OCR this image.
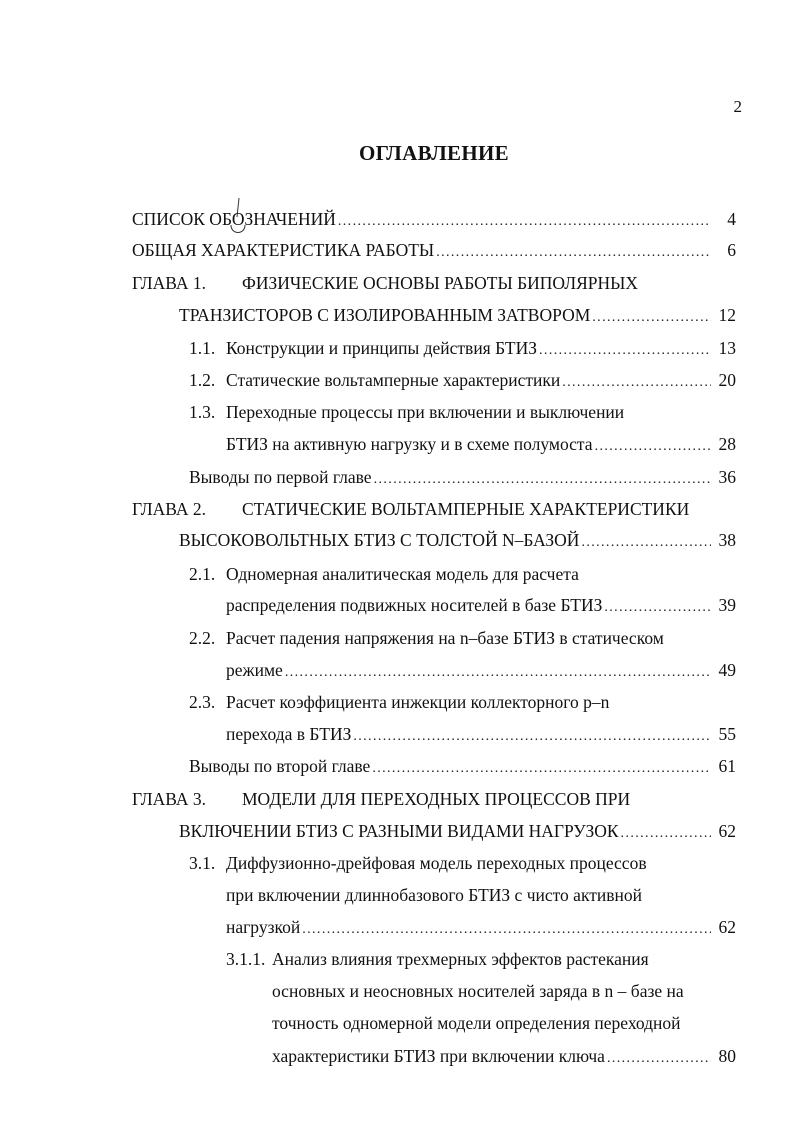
2
ОГЛАВЛЕНИЕ
СПИСОК ОБОЗНАЧЕНИЙ .....	4
ОБЩАЯ ХАРАКТЕРИСТИКА РАБОТЫ .....	6
ГЛАВА 1.	ФИЗИЧЕСКИЕ ОСНОВЫ РАБОТЫ БИПОЛЯРНЫХ
ТРАНЗИСТОРОВ С ИЗОЛИРОВАННЫМ ЗАТВОРОМ .....	12
1.1. Конструкции и принципы действия БТИЗ .....	13
1.2. Статические вольтамперные характеристики .....	20
1.3. Переходные процессы при включении и выключении
БТИЗ на активную нагрузку и в схеме полумоста .....	28
Выводы по первой главе .....	36
ГЛАВА 2.	СТАТИЧЕСКИЕ ВОЛЬТАМПЕРНЫЕ ХАРАКТЕРИСТИКИ
ВЫСОКОВОЛЬТНЫХ БТИЗ С ТОЛСТОЙ N–БАЗОЙ .....	38
2.1. Одномерная аналитическая модель для расчета
распределения подвижных носителей в базе БТИЗ .....	39
2.2. Расчет падения напряжения на n–базе БТИЗ в статическом
режиме .....	49
2.3. Расчет коэффициента инжекции коллекторного p–n
перехода в БТИЗ .....	55
Выводы по второй главе .....	61
ГЛАВА 3.	МОДЕЛИ ДЛЯ ПЕРЕХОДНЫХ ПРОЦЕССОВ ПРИ
ВКЛЮЧЕНИИ БТИЗ С РАЗНЫМИ ВИДАМИ НАГРУЗОК .....	62
3.1. Диффузионно-дрейфовая модель переходных процессов
при включении длиннобазового БТИЗ с чисто активной
нагрузкой .....	62
3.1.1. Анализ влияния трехмерных эффектов растекания
основных и неосновных носителей заряда в n – базе на
точность одномерной модели определения переходной
характеристики БТИЗ при включении ключа .....	80
